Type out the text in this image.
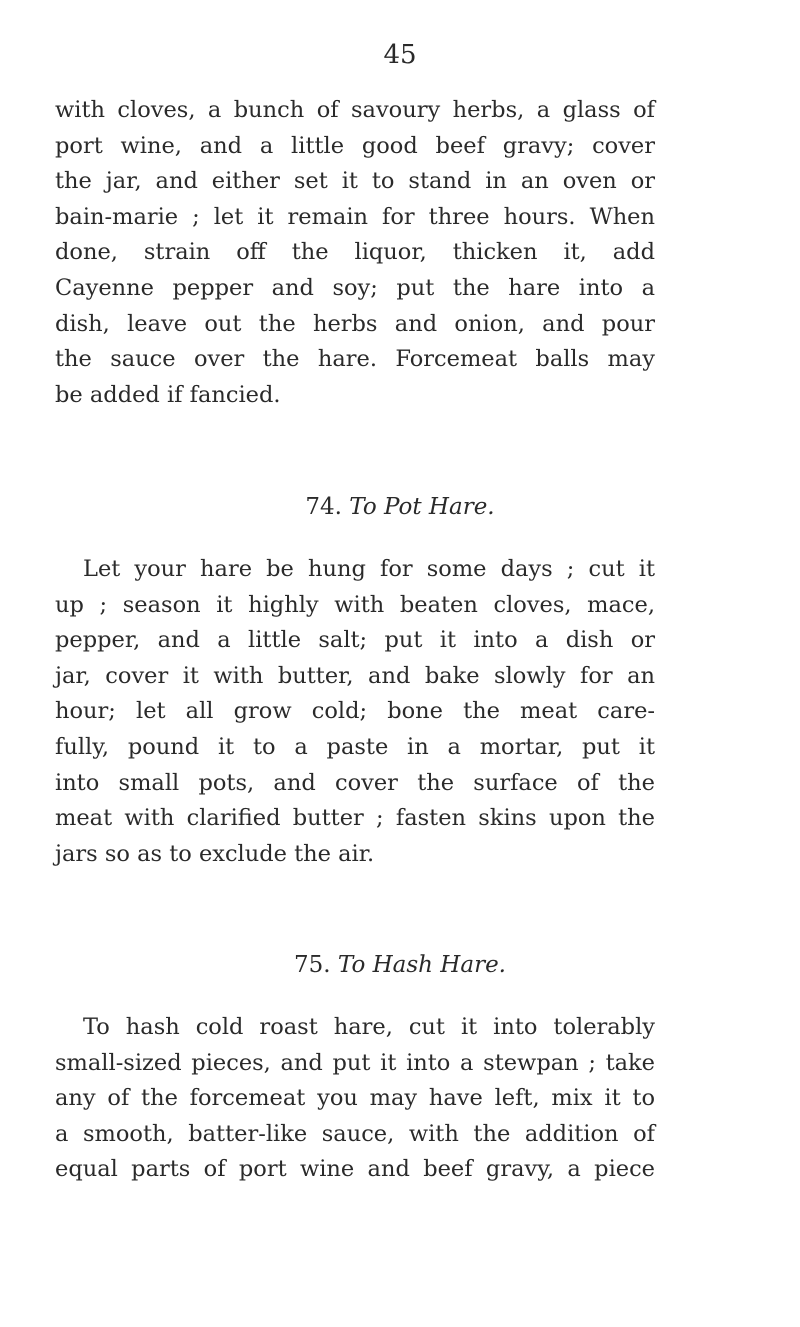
45
with cloves, a bunch of savoury herbs, a glass of
port wine, and a little good beef gravy; cover
the jar, and either set it to stand in an oven or
bain-marie ; let it remain for three hours. When
done, strain off the liquor, thicken it, add
Cayenne pepper and soy; put the hare into a
dish, leave out the herbs and onion, and pour
the sauce over the hare. Forcemeat balls may
be added if fancied.
74. To Pot Hare.
Let your hare be hung for some days ; cut it
up ; season it highly with beaten cloves, mace,
pepper, and a little salt; put it into a dish or
jar, cover it with butter, and bake slowly for an
hour; let all grow cold; bone the meat care-
fully, pound it to a paste in a mortar, put it
into small pots, and cover the surface of the
meat with clarified butter ; fasten skins upon the
jars so as to exclude the air.
75. To Hash Hare.
To hash cold roast hare, cut it into tolerably
small-sized pieces, and put it into a stewpan ; take
any of the forcemeat you may have left, mix it to
a smooth, batter-like sauce, with the addition of
equal parts of port wine and beef gravy, a piece
